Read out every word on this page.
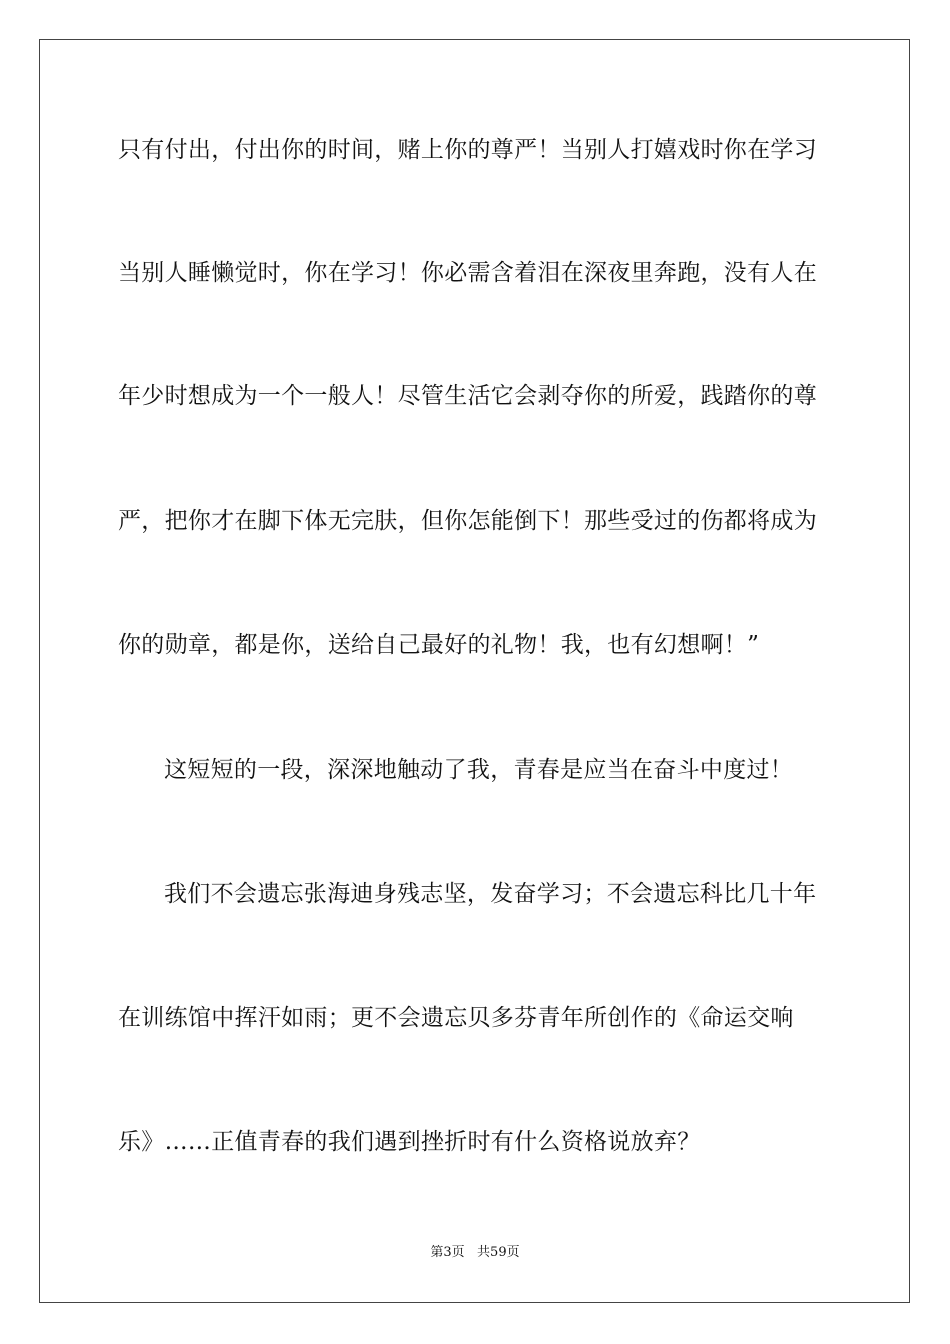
只有付出，付出你的时间，赌上你的尊严！当别人打嬉戏时你在学习
当别人睡懒觉时，你在学习！你必需含着泪在深夜里奔跑，没有人在
年少时想成为一个一般人！尽管生活它会剥夺你的所爱，践踏你的尊
严，把你才在脚下体无完肤，但你怎能倒下！那些受过的伤都将成为
你的勋章，都是你，送给自己最好的礼物！我，也有幻想啊！”
这短短的一段，深深地触动了我，青春是应当在奋斗中度过！
我们不会遗忘张海迪身残志坚，发奋学习；不会遗忘科比几十年
在训练馆中挥汗如雨；更不会遗忘贝多芬青年所创作的《命运交响
乐》……正值青春的我们遇到挫折时有什么资格说放弃？
第3页   共59页
